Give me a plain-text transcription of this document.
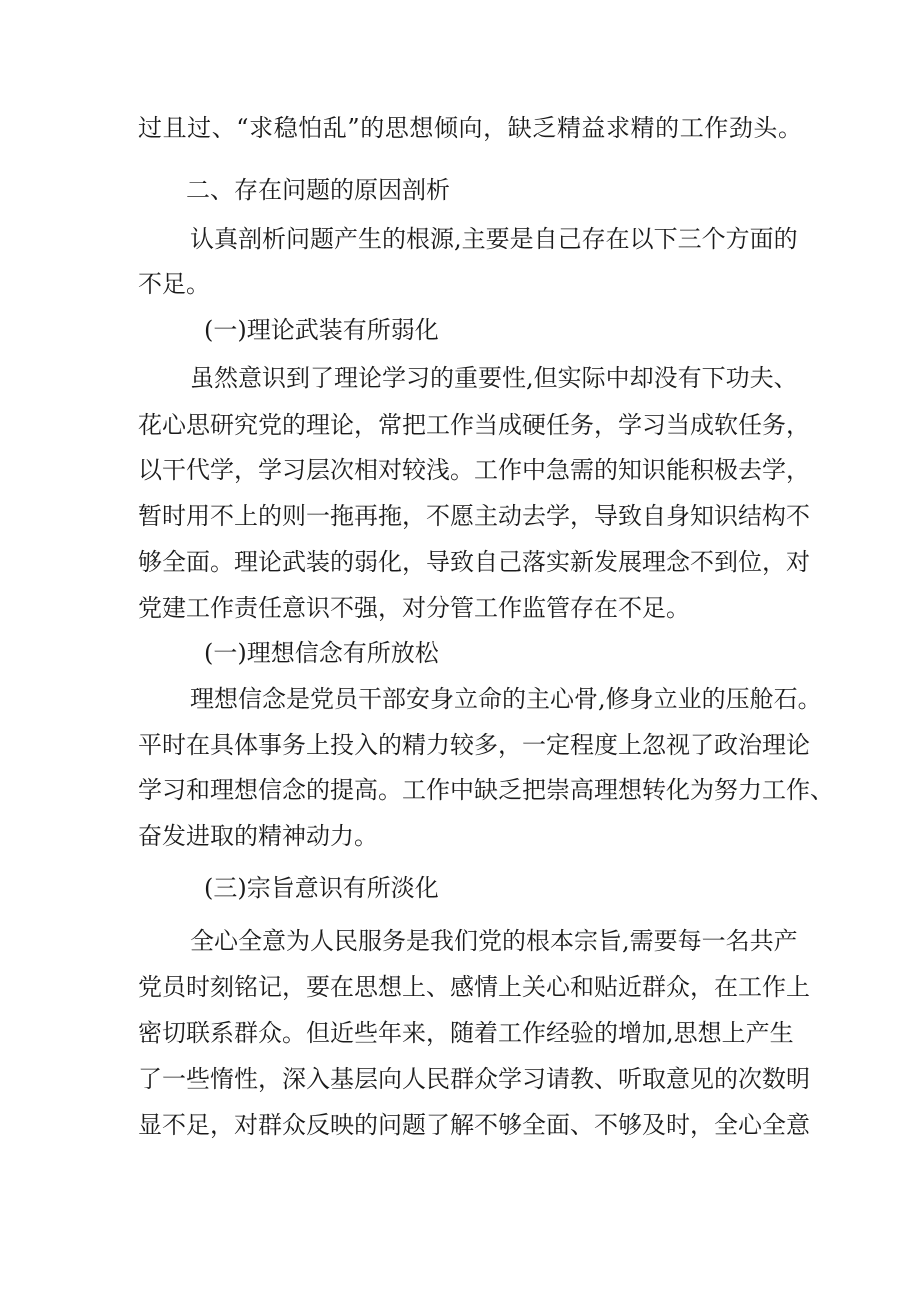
过且过、“求稳怕乱”的思想倾向，缺乏精益求精的工作劲头。
二、存在问题的原因剖析
认真剖析问题产生的根源,主要是自己存在以下三个方面的
不足。
(一)理论武装有所弱化
虽然意识到了理论学习的重要性,但实际中却没有下功夫、
花心思研究党的理论，常把工作当成硬任务，学习当成软任务，
以干代学，学习层次相对较浅。工作中急需的知识能积极去学，
暂时用不上的则一拖再拖，不愿主动去学，导致自身知识结构不
够全面。理论武装的弱化，导致自己落实新发展理念不到位，对
党建工作责任意识不强，对分管工作监管存在不足。
(一)理想信念有所放松
理想信念是党员干部安身立命的主心骨,修身立业的压舱石。
平时在具体事务上投入的精力较多，一定程度上忽视了政治理论
学习和理想信念的提高。工作中缺乏把崇高理想转化为努力工作、
奋发进取的精神动力。
(三)宗旨意识有所淡化
全心全意为人民服务是我们党的根本宗旨,需要每一名共产
党员时刻铭记，要在思想上、感情上关心和贴近群众，在工作上
密切联系群众。但近些年来，随着工作经验的增加,思想上产生
了一些惰性，深入基层向人民群众学习请教、听取意见的次数明
显不足，对群众反映的问题了解不够全面、不够及时，全心全意
